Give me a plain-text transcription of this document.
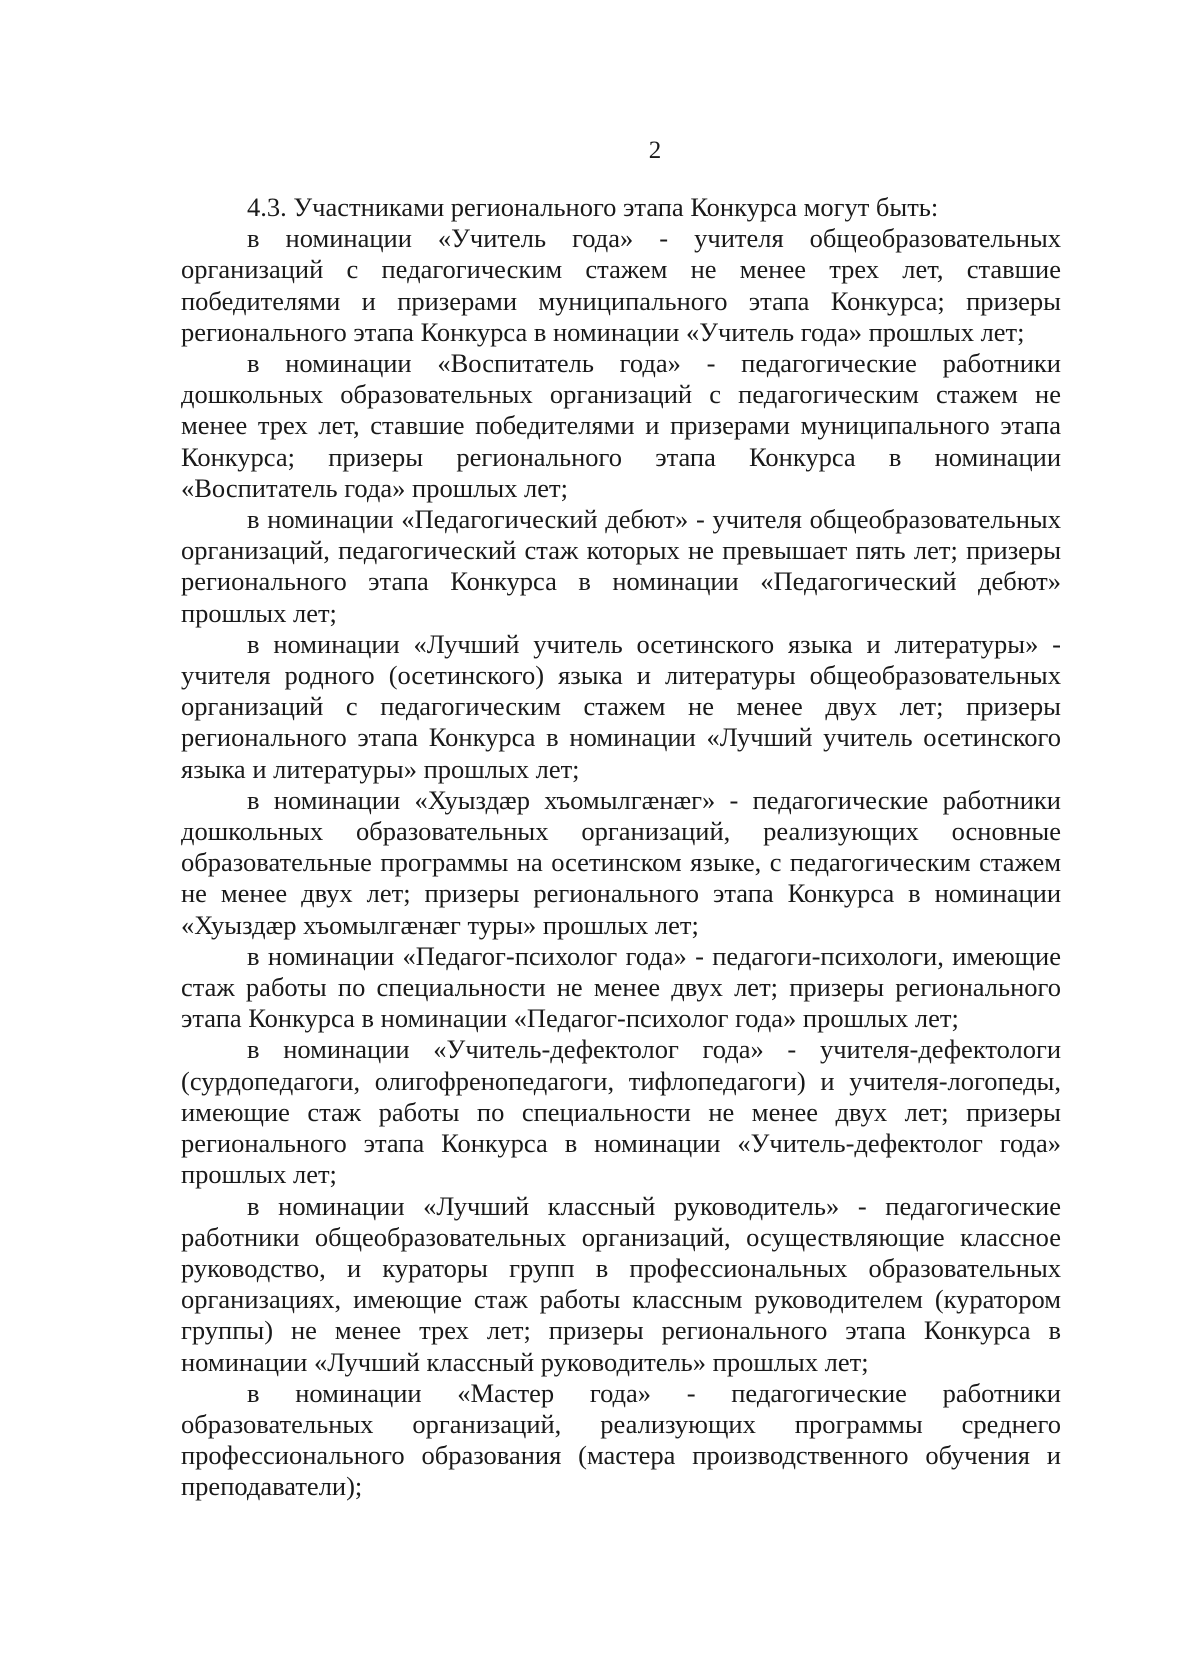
2

4.3. Участниками регионального этапа Конкурса могут быть:

в номинации «Учитель года» - учителя общеобразовательных организаций с педагогическим стажем не менее трех лет, ставшие победителями и призерами муниципального этапа Конкурса; призеры регионального этапа Конкурса в номинации «Учитель года» прошлых лет;

в номинации «Воспитатель года» - педагогические работники дошкольных образовательных организаций с педагогическим стажем не менее трех лет, ставшие победителями и призерами муниципального этапа Конкурса; призеры регионального этапа Конкурса в номинации «Воспитатель года» прошлых лет;

в номинации «Педагогический дебют» - учителя общеобразовательных организаций, педагогический стаж которых не превышает пять лет; призеры регионального этапа Конкурса в номинации «Педагогический дебют» прошлых лет;

в номинации «Лучший учитель осетинского языка и литературы» - учителя родного (осетинского) языка и литературы общеобразовательных организаций с педагогическим стажем не менее двух лет; призеры регионального этапа Конкурса в номинации «Лучший учитель осетинского языка и литературы» прошлых лет;

в номинации «Хуыздæр хъомылгæнæг» - педагогические работники дошкольных образовательных организаций, реализующих основные образовательные программы на осетинском языке, с педагогическим стажем не менее двух лет; призеры регионального этапа Конкурса в номинации «Хуыздæр хъомылгæнæг туры» прошлых лет;

в номинации «Педагог-психолог года» - педагоги-психологи, имеющие стаж работы по специальности не менее двух лет; призеры регионального этапа Конкурса в номинации «Педагог-психолог года» прошлых лет;

в номинации «Учитель-дефектолог года» - учителя-дефектологи (сурдопедагоги, олигофренопедагоги, тифлопедагоги) и учителя-логопеды, имеющие стаж работы по специальности не менее двух лет; призеры регионального этапа Конкурса в номинации «Учитель-дефектолог года» прошлых лет;

в номинации «Лучший классный руководитель» - педагогические работники общеобразовательных организаций, осуществляющие классное руководство, и кураторы групп в профессиональных образовательных организациях, имеющие стаж работы классным руководителем (куратором группы) не менее трех лет; призеры регионального этапа Конкурса в номинации «Лучший классный руководитель» прошлых лет;

в номинации «Мастер года» - педагогические работники образовательных организаций, реализующих программы среднего профессионального образования (мастера производственного обучения и преподаватели);
